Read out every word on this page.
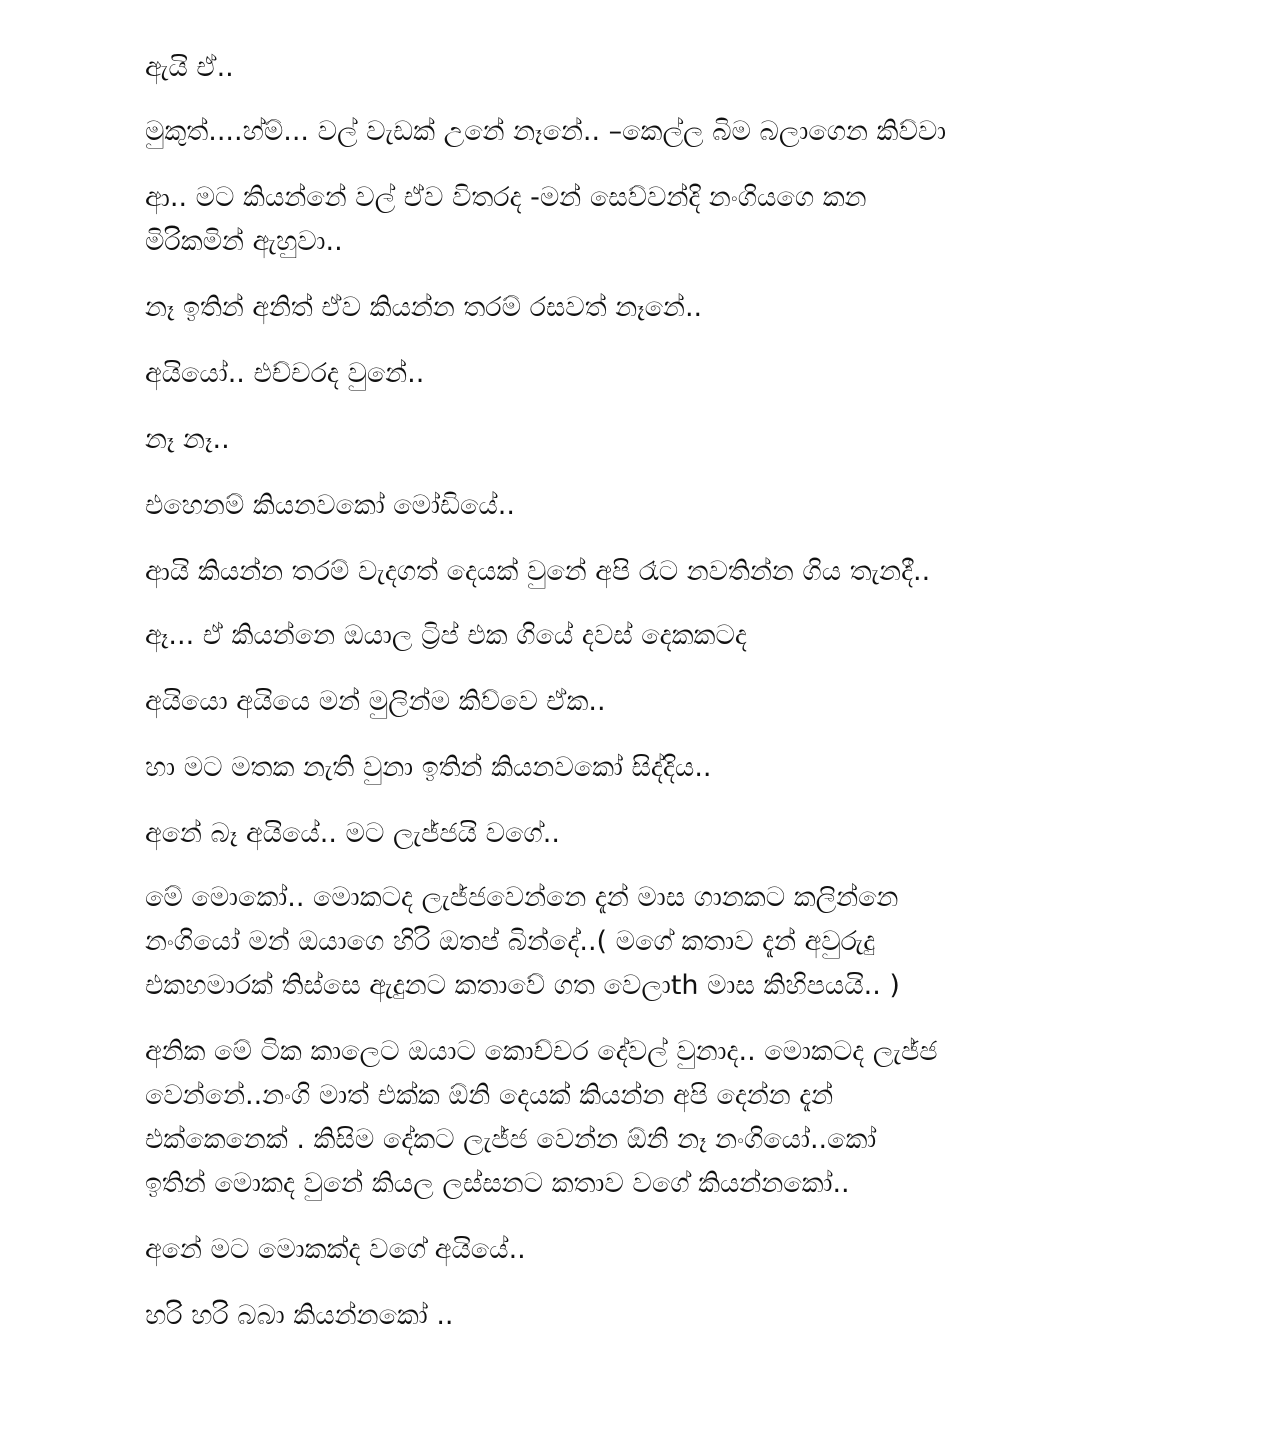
ඇයි ඒ..

මුකුත්....හ්ම්... වල් වැඩක් උනේ නෑනේ.. –කෙල්ල බිම බලාගෙන කිව්වා

ආ.. මට කියන්නේ වල් ඒව විතරද -මන් සෙව්වන්දි නංගියගෙ කන
මිරිකමින් ඇහුවා..

නෑ ඉතින් අනිත් ඒව කියන්න තරම් රසවත් නෑනේ..

අයියෝ.. එච්චරද වුනේ..

නෑ නෑ..

එහෙනම් කියනවකෝ මෝඩියේ..

ආයි කියන්න තරම් වැදගත් දෙයක් වුනේ අපි රෑට නවතින්න ගිය තැනදී..

ඈ... ඒ කියන්නෙ ඔයාල ට්‍රිප් එක ගියේ දවස් දෙකකටද

අයියො අයියෙ මන් මුලින්ම කිව්වෙ ඒක..

හා මට මතක නැති වුනා ඉතින් කියනවකෝ සිද්දිය..

අනේ බෑ අයියේ.. මට ලැජ්ජයි වගේ..

මේ මොකෝ.. මොකටද ලැජ්ජවෙන්නෙ දැන් මාස ගානකට කලින්නෙ
නංගියෝ මන් ඔයාගෙ හිරි ඔතප් බින්දේ..( මගේ කතාව දැන් අවුරුදු
එකහමාරක් තිස්සෙ ඇදුනට කතාවේ ගත වෙලාth මාස කිහිපයයි.. )

අනික මේ ටික කාලෙට ඔයාට කොච්චර දේවල් වුනාද.. මොකටද ලැජ්ජ
වෙන්නේ..නංගි මාත් එක්ක ඕනි දෙයක් කියන්න අපි දෙන්න දැන්
එක්කෙනෙක් . කිසිම දේකට ලැජ්ජ වෙන්න ඕනි නෑ නංගියෝ..කෝ
ඉතින් මොකද වුනේ කියල ලස්සනට කතාව වගේ කියන්නකෝ..

අනේ මට මොකක්ද වගේ අයියේ..

හරි හරි බබා කියන්නකෝ ..
